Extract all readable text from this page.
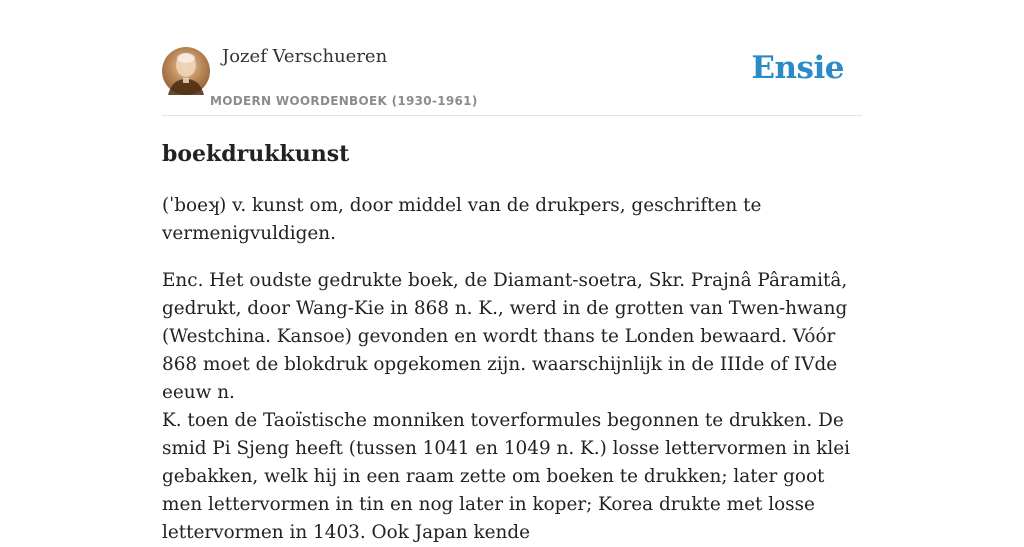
Jozef Verschueren
MODERN WOORDENBOEK (1930-1961)
Ensie
boekdrukkunst

(ˈboeʞ) v. kunst om, door middel van de drukpers, geschriften te vermenigvuldigen.

Enc. Het oudste gedrukte boek, de Diamant-soetra, Skr. Prajnâ Pâramitâ, gedrukt, door Wang-Kie in 868 n. K., werd in de grotten van Twen-hwang (Westchina. Kansoe) gevonden en wordt thans te Londen bewaard. Vóór 868 moet de blokdruk opgekomen zijn. waarschijnlijk in de IIIde of IVde eeuw n.

K. toen de Taoïstische monniken toverformules begonnen te drukken. De smid Pi Sjeng heeft (tussen 1041 en 1049 n. K.) losse lettervormen in klei gebakken, welk hij in een raam zette om boeken te drukken; later goot men lettervormen in tin en nog later in koper; Korea drukte met losse lettervormen in 1403. Ook Japan kende
